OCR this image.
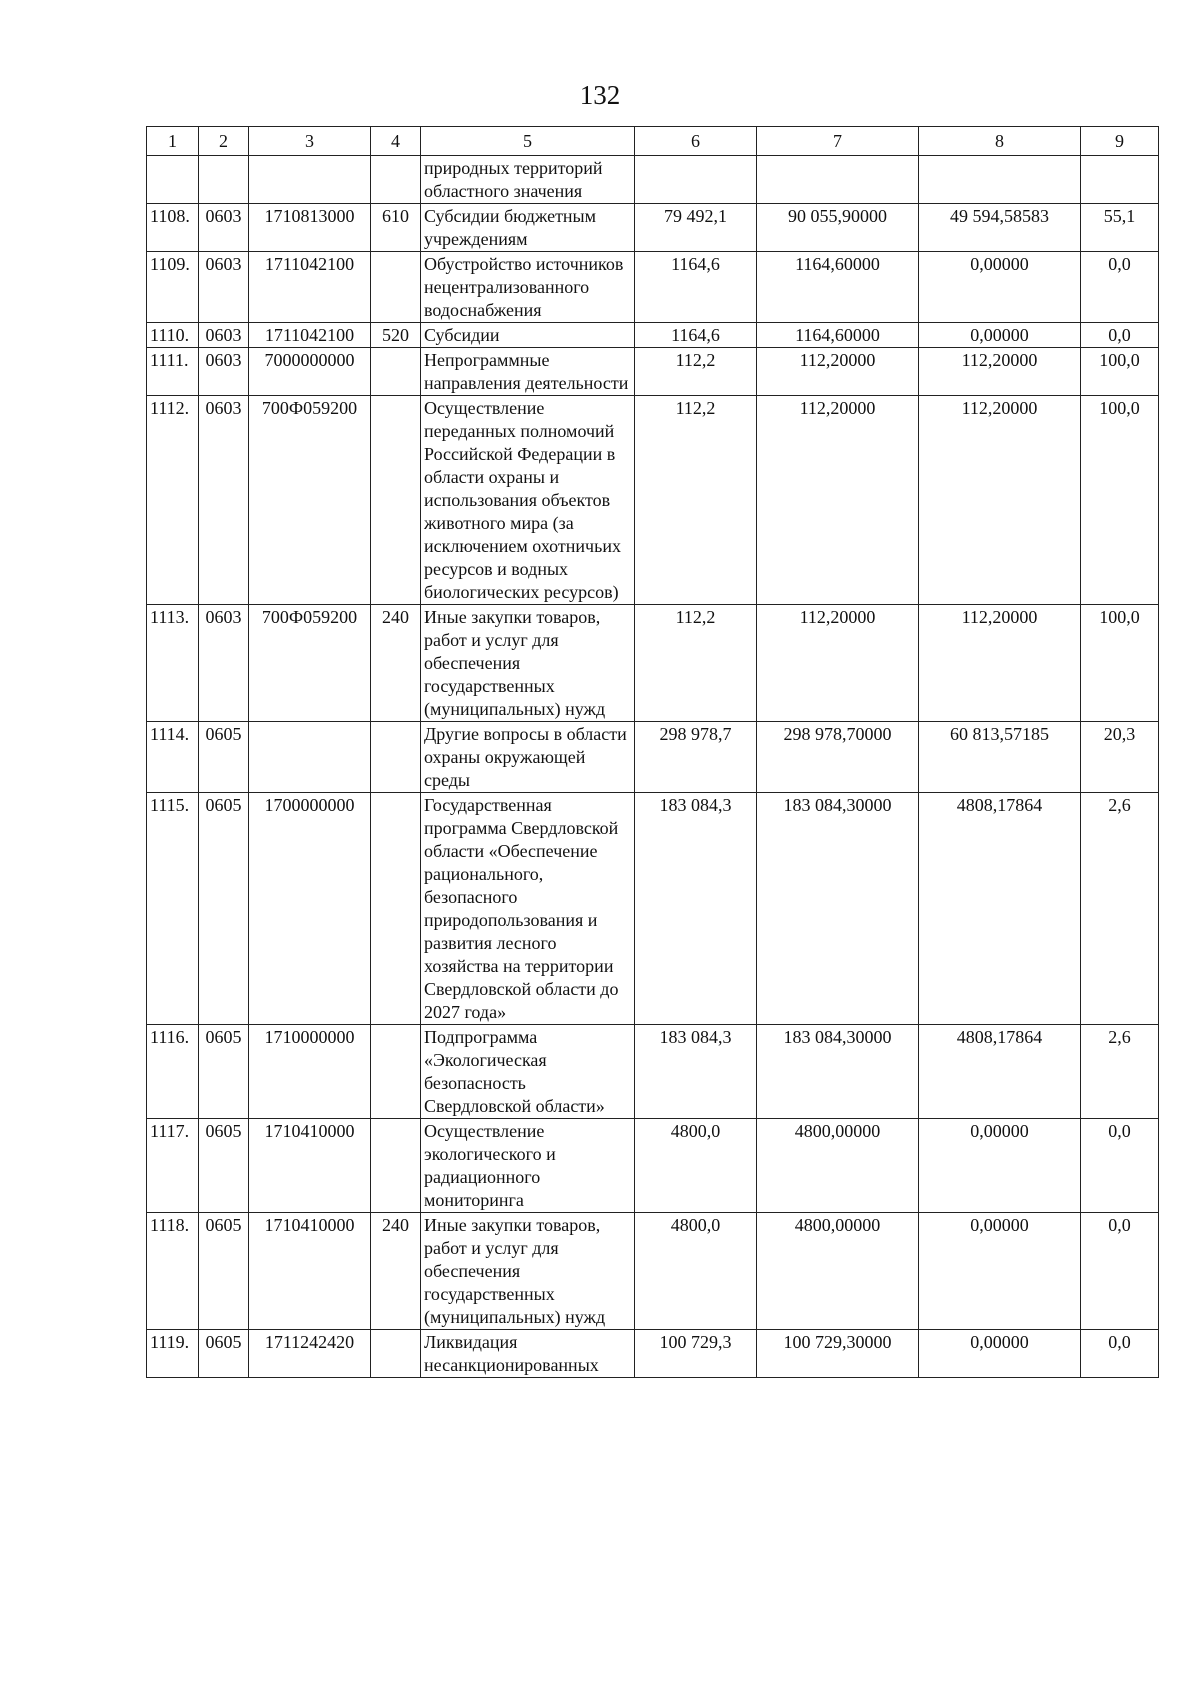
132
1	2	3	4	5	6	7	8	9
				природных территорий областного значения				
1108.	0603	1710813000	610	Субсидии бюджетным учреждениям	79 492,1	90 055,90000	49 594,58583	55,1
1109.	0603	1711042100		Обустройство источников нецентрализованного водоснабжения	1164,6	1164,60000	0,00000	0,0
1110.	0603	1711042100	520	Субсидии	1164,6	1164,60000	0,00000	0,0
1111.	0603	7000000000		Непрограммные направления деятельности	112,2	112,20000	112,20000	100,0
1112.	0603	700Ф059200		Осуществление переданных полномочий Российской Федерации в области охраны и использования объектов животного мира (за исключением охотничьих ресурсов и водных биологических ресурсов)	112,2	112,20000	112,20000	100,0
1113.	0603	700Ф059200	240	Иные закупки товаров, работ и услуг для обеспечения государственных (муниципальных) нужд	112,2	112,20000	112,20000	100,0
1114.	0605			Другие вопросы в области охраны окружающей среды	298 978,7	298 978,70000	60 813,57185	20,3
1115.	0605	1700000000		Государственная программа Свердловской области «Обеспечение рационального, безопасного природопользования и развития лесного хозяйства на территории Свердловской области до 2027 года»	183 084,3	183 084,30000	4808,17864	2,6
1116.	0605	1710000000		Подпрограмма «Экологическая безопасность Свердловской области»	183 084,3	183 084,30000	4808,17864	2,6
1117.	0605	1710410000		Осуществление экологического и радиационного мониторинга	4800,0	4800,00000	0,00000	0,0
1118.	0605	1710410000	240	Иные закупки товаров, работ и услуг для обеспечения государственных (муниципальных) нужд	4800,0	4800,00000	0,00000	0,0
1119.	0605	1711242420		Ликвидация несанкционированных	100 729,3	100 729,30000	0,00000	0,0
